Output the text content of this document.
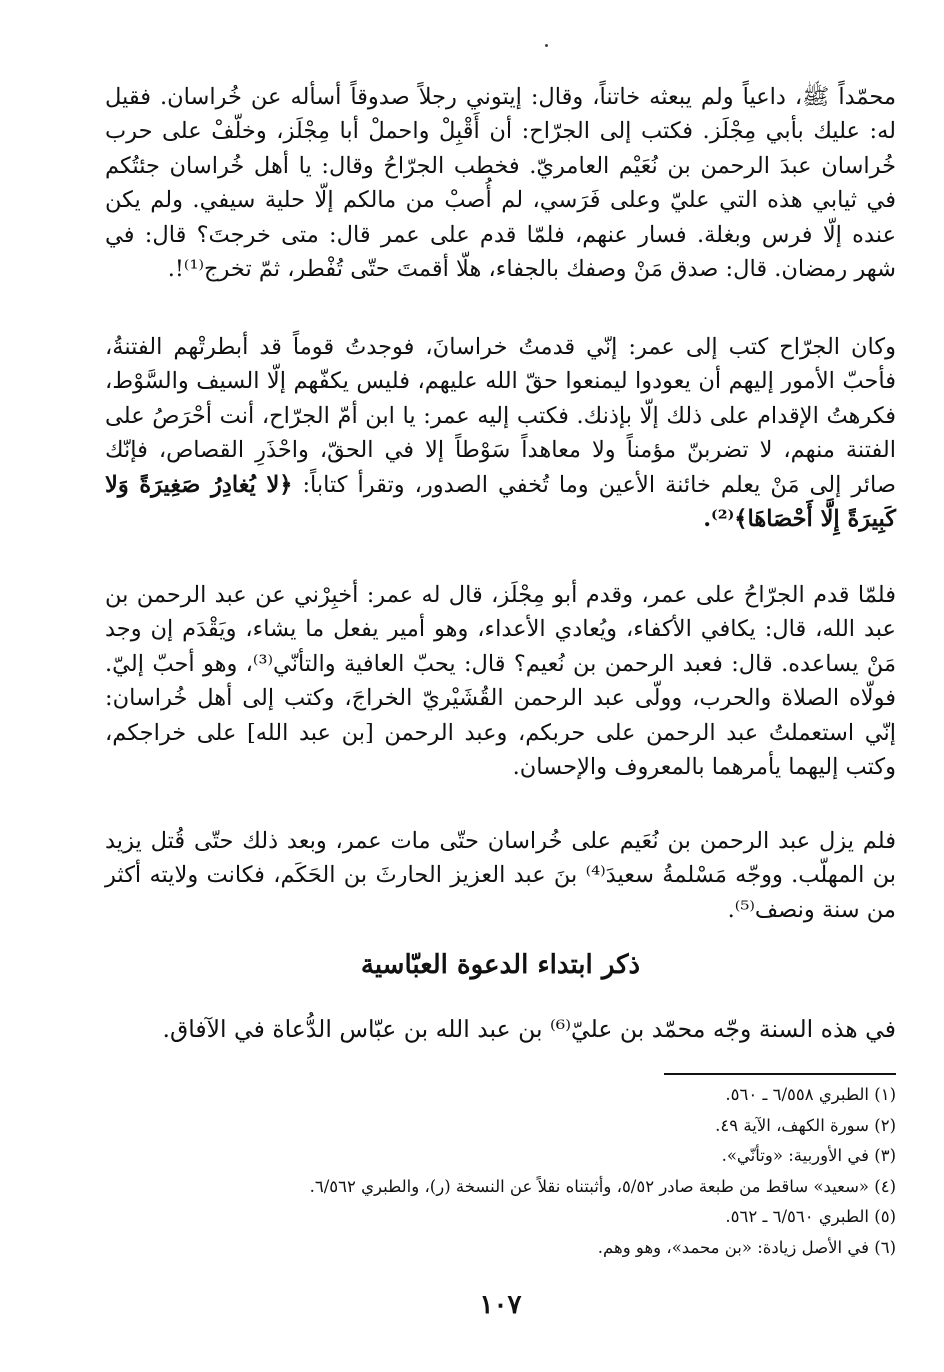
محمّداً ﷺ، داعياً ولم يبعثه خاتناً، وقال: إيتوني رجلاً صدوقاً أسأله عن خُراسان. فقيل له: عليك بأبي مِجْلَز. فكتب إلى الجرّاح: أن أَقْبِلْ واحملْ أبا مِجْلَز، وخلّفْ على حرب خُراسان عبدَ الرحمن بن نُعَيْم العامريّ. فخطب الجرّاحُ وقال: يا أهل خُراسان جئتُكم في ثيابي هذه التي عليّ وعلى فَرَسي، لم أُصبْ من مالكم إلّا حلية سيفي. ولم يكن عنده إلّا فرس وبغلة. فسار عنهم، فلمّا قدم على عمر قال: متى خرجتَ؟ قال: في شهر رمضان. قال: صدق مَنْ وصفك بالجفاء، هلّا أقمتَ حتّى تُفْطر، ثمّ تخرج⁽¹⁾!.

وكان الجرّاح كتب إلى عمر: إنّي قدمتُ خراسانَ، فوجدتُ قوماً قد أبطرتْهم الفتنةُ، فأحبّ الأمور إليهم أن يعودوا ليمنعوا حقّ الله عليهم، فليس يكفّهم إلّا السيف والسَّوْط، فكرهتُ الإقدام على ذلك إلّا بإذنك. فكتب إليه عمر: يا ابن أمّ الجرّاح، أنت أحْرَصُ على الفتنة منهم، لا تضربنّ مؤمناً ولا معاهداً سَوْطاً إلا في الحقّ، واحْذَرِ القصاص، فإنّك صائر إلى مَنْ يعلم خائنة الأعين وما تُخفي الصدور، وتقرأ كتاباً: ﴿لا يُغادِرُ صَغِيرَةً وَلا كَبِيرَةً إِلَّا أَحْصَاهَا﴾⁽²⁾.

فلمّا قدم الجرّاحُ على عمر، وقدم أبو مِجْلَز، قال له عمر: أخبِرْني عن عبد الرحمن بن عبد الله، قال: يكافي الأكفاء، ويُعادي الأعداء، وهو أمير يفعل ما يشاء، ويَقْدَم إن وجد مَنْ يساعده. قال: فعبد الرحمن بن نُعيم؟ قال: يحبّ العافية والتأنّي⁽³⁾، وهو أحبّ إليّ. فولّاه الصلاة والحرب، وولّى عبد الرحمن القُشَيْريّ الخراجَ، وكتب إلى أهل خُراسان: إنّي استعملتُ عبد الرحمن على حربكم، وعبد الرحمن [بن عبد الله] على خراجكم، وكتب إليهما يأمرهما بالمعروف والإحسان.

فلم يزل عبد الرحمن بن نُعَيم على خُراسان حتّى مات عمر، وبعد ذلك حتّى قُتل يزيد بن المهلّب. ووجّه مَسْلمةُ سعيدَ⁽⁴⁾ بنَ عبد العزيز الحارثَ بن الحَكَم، فكانت ولايته أكثر من سنة ونصف⁽⁵⁾.

ذكر ابتداء الدعوة العبّاسية

في هذه السنة وجّه محمّد بن عليّ⁽⁶⁾ بن عبد الله بن عبّاس الدُّعاة في الآفاق.

(١) الطبري ٦/٥٥٨ ـ ٥٦٠.
(٢) سورة الكهف، الآية ٤٩.
(٣) في الأوربية: «وتأنّي».
(٤) «سعيد» ساقط من طبعة صادر ٥/٥٢، وأثبتناه نقلاً عن النسخة (ر)، والطبري ٦/٥٦٢.
(٥) الطبري ٦/٥٦٠ ـ ٥٦٢.
(٦) في الأصل زيادة: «بن محمد»، وهو وهم.
١٠٧
